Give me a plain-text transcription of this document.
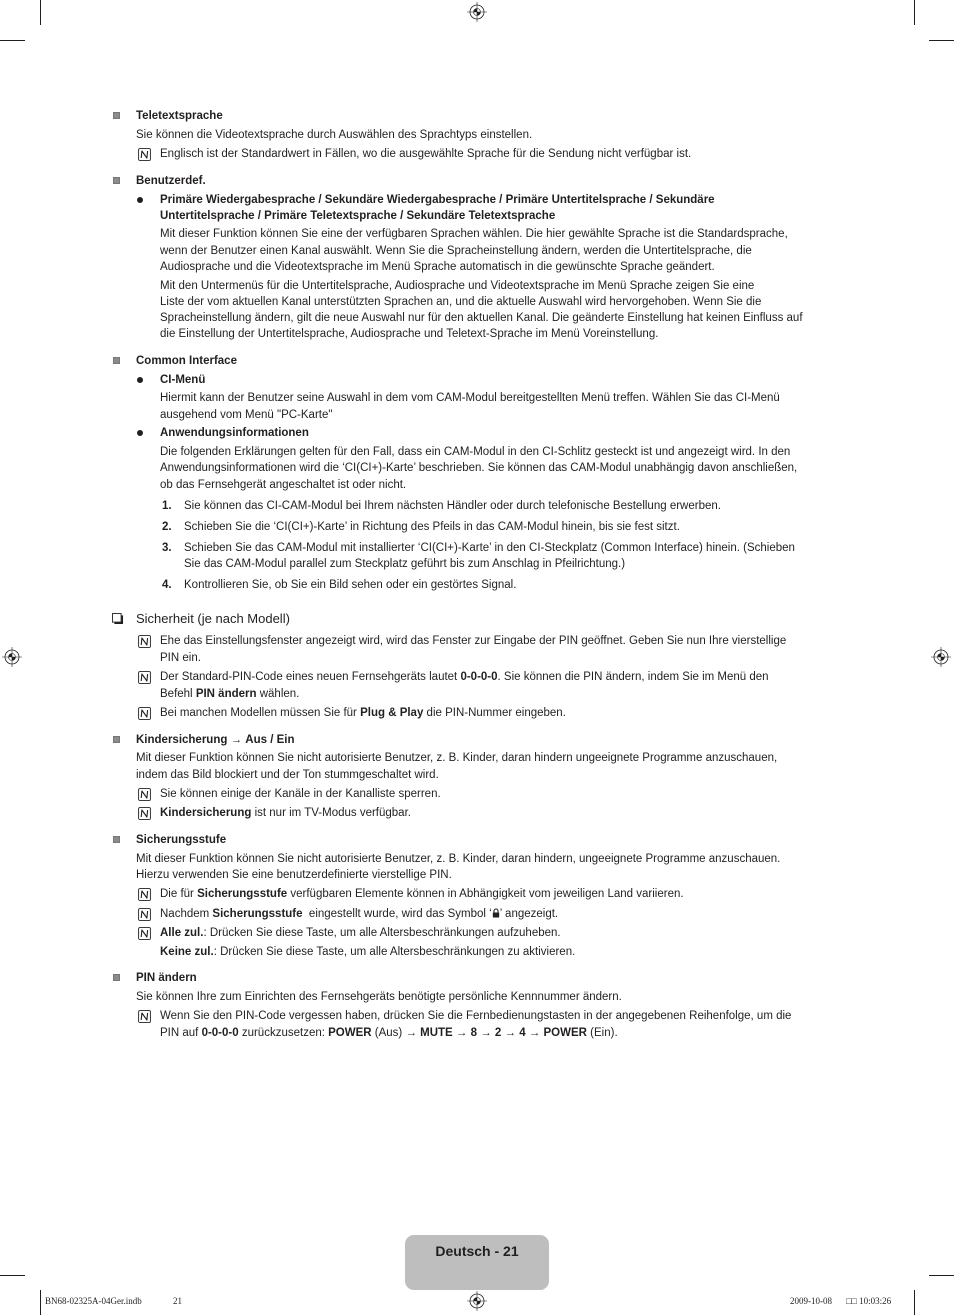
Teletextsprache
Sie können die Videotextsprache durch Auswählen des Sprachtyps einstellen.
Englisch ist der Standardwert in Fällen, wo die ausgewählte Sprache für die Sendung nicht verfügbar ist.
Benutzerdef.
Primäre Wiedergabesprache / Sekundäre Wiedergabesprache / Primäre Untertitelsprache / Sekundäre
Untertitelsprache / Primäre Teletextsprache / Sekundäre Teletextsprache
Mit dieser Funktion können Sie eine der verfügbaren Sprachen wählen. Die hier gewählte Sprache ist die Standardsprache,
wenn der Benutzer einen Kanal auswählt. Wenn Sie die Spracheinstellung ändern, werden die Untertitelsprache, die
Audiosprache und die Videotextsprache im Menü Sprache automatisch in die gewünschte Sprache geändert.
Mit den Untermenüs für die Untertitelsprache, Audiosprache und Videotextsprache im Menü Sprache zeigen Sie eine
Liste der vom aktuellen Kanal unterstützten Sprachen an, und die aktuelle Auswahl wird hervorgehoben. Wenn Sie die
Spracheinstellung ändern, gilt die neue Auswahl nur für den aktuellen Kanal. Die geänderte Einstellung hat keinen Einfluss auf
die Einstellung der Untertitelsprache, Audiosprache und Teletext-Sprache im Menü Voreinstellung.
Common Interface
CI-Menü
Hiermit kann der Benutzer seine Auswahl in dem vom CAM-Modul bereitgestellten Menü treffen. Wählen Sie das CI-Menü
ausgehend vom Menü "PC-Karte"
Anwendungsinformationen
Die folgenden Erklärungen gelten für den Fall, dass ein CAM-Modul in den CI-Schlitz gesteckt ist und angezeigt wird. In den
Anwendungsinformationen wird die ‘CI(CI+)-Karte’ beschrieben. Sie können das CAM-Modul unabhängig davon anschließen,
ob das Fernsehgerät angeschaltet ist oder nicht.
1. Sie können das CI-CAM-Modul bei Ihrem nächsten Händler oder durch telefonische Bestellung erwerben.
2. Schieben Sie die ‘CI(CI+)-Karte’ in Richtung des Pfeils in das CAM-Modul hinein, bis sie fest sitzt.
3. Schieben Sie das CAM-Modul mit installierter ‘CI(CI+)-Karte’ in den CI-Steckplatz (Common Interface) hinein. (Schieben
Sie das CAM-Modul parallel zum Steckplatz geführt bis zum Anschlag in Pfeilrichtung.)
4. Kontrollieren Sie, ob Sie ein Bild sehen oder ein gestörtes Signal.
Sicherheit (je nach Modell)
Ehe das Einstellungsfenster angezeigt wird, wird das Fenster zur Eingabe der PIN geöffnet. Geben Sie nun Ihre vierstellige
PIN ein.
Der Standard-PIN-Code eines neuen Fernsehgeräts lautet 0-0-0-0. Sie können die PIN ändern, indem Sie im Menü den
Befehl PIN ändern wählen.
Bei manchen Modellen müssen Sie für Plug & Play die PIN-Nummer eingeben.
Kindersicherung → Aus / Ein
Mit dieser Funktion können Sie nicht autorisierte Benutzer, z. B. Kinder, daran hindern ungeeignete Programme anzuschauen,
indem das Bild blockiert und der Ton stummgeschaltet wird.
Sie können einige der Kanäle in der Kanalliste sperren.
Kindersicherung ist nur im TV-Modus verfügbar.
Sicherungsstufe
Mit dieser Funktion können Sie nicht autorisierte Benutzer, z. B. Kinder, daran hindern, ungeeignete Programme anzuschauen.
Hierzu verwenden Sie eine benutzerdefinierte vierstellige PIN.
Die für Sicherungsstufe verfügbaren Elemente können in Abhängigkeit vom jeweiligen Land variieren.
Nachdem Sicherungsstufe  eingestellt wurde, wird das Symbol ‘ ’ angezeigt.
Alle zul.: Drücken Sie diese Taste, um alle Altersbeschränkungen aufzuheben.
Keine zul.: Drücken Sie diese Taste, um alle Altersbeschränkungen zu aktivieren.
PIN ändern
Sie können Ihre zum Einrichten des Fernsehgeräts benötigte persönliche Kennnummer ändern.
Wenn Sie den PIN-Code vergessen haben, drücken Sie die Fernbedienungstasten in der angegebenen Reihenfolge, um die
PIN auf 0-0-0-0 zurückzusetzen: POWER (Aus) → MUTE → 8 → 2 → 4 → POWER (Ein).
Deutsch - 21
BN68-02325A-04Ger.indb	21	2009-10-08 □□ 10:03:26
